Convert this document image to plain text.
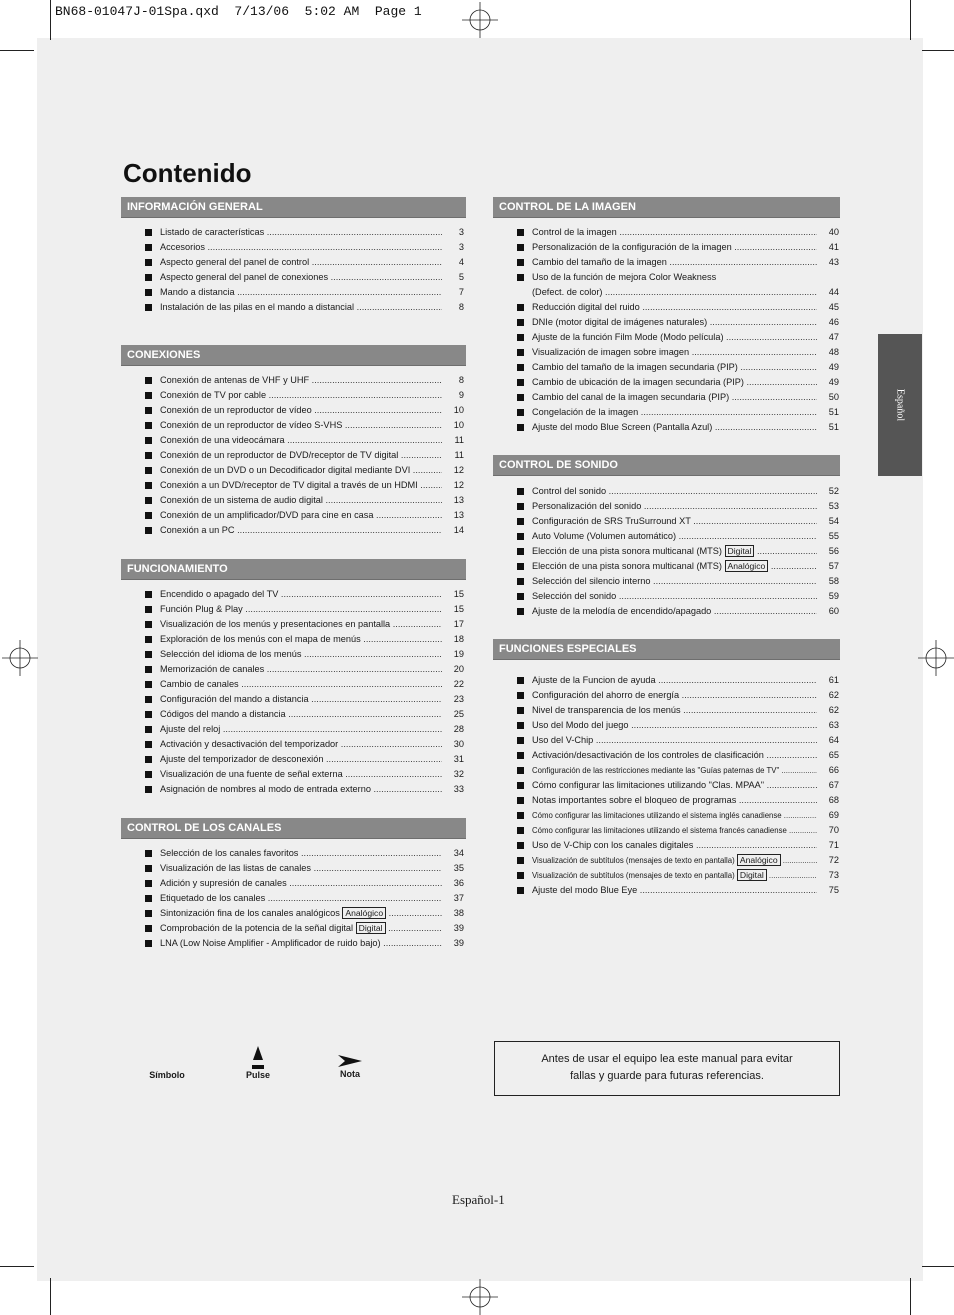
BN68-01047J-01Spa.qxd  7/13/06  5:02 AM  Page 1
Contenido
Español
INFORMACIÓN GENERAL
Listado de características .....	3
Accesorios .....	3
Aspecto general del panel de control .....	4
Aspecto general del panel de conexiones .....	5
Mando a distancia .....	7
Instalación de las pilas en el mando a distancial .....	8
CONEXIONES
Conexión de antenas de VHF y UHF .....	8
Conexión de TV por cable .....	9
Conexión de un reproductor de vídeo .....	10
Conexión de un reproductor de vídeo S-VHS .....	10
Conexión de una videocámara .....	11
Conexión de un reproductor de DVD/receptor de TV digital .....	11
Conexión de un DVD o un Decodificador digital mediante DVI .....	12
Conexión a un DVD/receptor de TV digital a través de un HDMI .....	12
Conexión de un sistema de audio digital .....	13
Conexión de un amplificador/DVD para cine en casa .....	13
Conexión a un PC .....	14
FUNCIONAMIENTO
Encendido o apagado del TV .....	15
Función Plug & Play .....	15
Visualización de los menús y presentaciones en pantalla .....	17
Exploración de los menús con el mapa de menús .....	18
Selección del idioma de los menús .....	19
Memorización de canales .....	20
Cambio de canales .....	22
Configuración del mando a distancia .....	23
Códigos del mando a distancia .....	25
Ajuste del reloj .....	28
Activación y desactivación del temporizador .....	30
Ajuste del temporizador de desconexión .....	31
Visualización de una fuente de señal externa .....	32
Asignación de nombres al modo de entrada externo .....	33
CONTROL DE LOS CANALES
Selección de los canales favoritos .....	34
Visualización de las listas de canales .....	35
Adición y supresión de canales .....	36
Etiquetado de los canales .....	37
Sintonización fina de los canales analógicos Analógico .....	38
Comprobación de la potencia de la señal digital Digital .....	39
LNA (Low Noise Amplifier - Amplificador de ruido bajo) .....	39
CONTROL DE LA IMAGEN
Control de la imagen .....	40
Personalización de la configuración de la imagen .....	41
Cambio del tamaño de la imagen .....	43
Uso de la función de mejora Color Weakness
(Defect. de color) .....	44
Reducción digital del ruido .....	45
DNIe (motor digital de imágenes naturales) .....	46
Ajuste de la función Film Mode (Modo película) .....	47
Visualización de imagen sobre imagen .....	48
Cambio del tamaño de la imagen secundaria (PIP) .....	49
Cambio de ubicación de la imagen secundaria (PIP) .....	49
Cambio del canal de la imagen secundaria (PIP) .....	50
Congelación de la imagen .....	51
Ajuste del modo Blue Screen (Pantalla Azul) .....	51
CONTROL DE SONIDO
Control del sonido .....	52
Personalización del sonido .....	53
Configuración de SRS TruSurround XT .....	54
Auto Volume (Volumen automático) .....	55
Elección de una pista sonora multicanal (MTS) Digital .....	56
Elección de una pista sonora multicanal (MTS) Analógico .....	57
Selección del silencio interno .....	58
Selección del sonido .....	59
Ajuste de la melodía de encendido/apagado .....	60
FUNCIONES ESPECIALES
Ajuste de la Funcion de ayuda .....	61
Configuración del ahorro de energía .....	62
Nivel de transparencia de los menús .....	62
Uso del Modo del juego .....	63
Uso del V-Chip .....	64
Activación/desactivación de los controles de clasificación .....	65
Configuración de las restricciones mediante las "Guías paternas de TV" .....	66
Cómo configurar las limitaciones utilizando "Clas. MPAA" .....	67
Notas importantes sobre el bloqueo de programas .....	68
Cómo configurar las limitaciones utilizando el sistema inglés canadiense .....	69
Cómo configurar las limitaciones utilizando el sistema francés canadiense .....	70
Uso de V-Chip con los canales digitales .....	71
Visualización de subtítulos (mensajes de texto en pantalla) Analógico .....	72
Visualización de subtítulos (mensajes de texto en pantalla) Digital .....	73
Ajuste del modo Blue Eye .....	75
Símbolo	Pulse	Nota
Antes de usar el equipo lea este manual para evitar
fallas y guarde para futuras referencias.
Español-1
